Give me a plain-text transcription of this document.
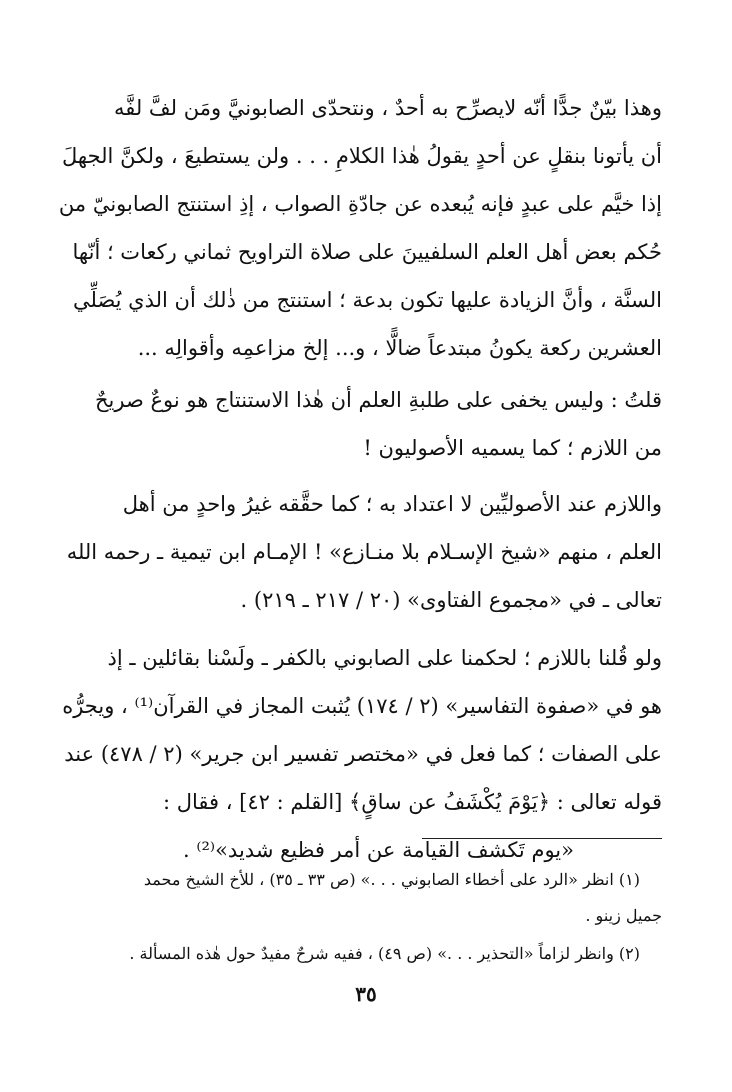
وهذا بيّنٌ جدًّا أنّه لايصرِّح به أحدٌ ، ونتحدّى الصابونيَّ ومَن لفَّ لفَّه
أن يأتونا بنقلٍ عن أحدٍ يقولُ هٰذا الكلامِ . . . ولن يستطيعَ ، ولكنَّ الجهلَ
إذا خيَّم على عبدٍ فإنه يُبعده عن جادّةِ الصواب ، إذِ استنتج الصابونيّ من
حُكم بعض أهل العلم السلفيينَ على صلاة التراويح ثماني ركعات ؛ أنّها
السنَّة ، وأنَّ الزيادة عليها تكون بدعة ؛ استنتج من ذٰلك أن الذي يُصَلِّي
العشرين ركعة يكونُ مبتدعاً ضالًّا ، و... إلخ مزاعمِه وأقوالِه ...

قلتُ : وليس يخفى على طلبةِ العلم أن هٰذا الاستنتاج هو نوعٌ صريحٌ
من اللازم ؛ كما يسميه الأصوليون !

واللازم عند الأصوليِّين لا اعتداد به ؛ كما حقَّقه غيرُ واحدٍ من أهل
العلم ، منهم «شيخ الإسـلام بلا منـازع» ! الإمـام ابن تيمية ـ رحمه الله
تعالى ـ في «مجموع الفتاوى» (٢٠ / ٢١٧ ـ ٢١٩) .

ولو قُلنا باللازم ؛ لحكمنا على الصابوني بالكفر ـ ولَسْنا بقائلين ـ إذ
هو في «صفوة التفاسير» (٢ / ١٧٤) يُثبت المجاز في القرآن⁽¹⁾ ، ويجرُّه
على الصفات ؛ كما فعل في «مختصر تفسير ابن جرير» (٢ / ٤٧٨) عند
قوله تعالى : ﴿يَوْمَ يُكْشَفُ عن ساقٍ﴾ [القلم : ٤٢] ، فقال :
«يوم تَكشف القيامة عن أمر فظيع شديد»⁽²⁾ .

(١) انظر «الرد على أخطاء الصابوني . . .» (ص ٣٣ ـ ٣٥) ، للأخ الشيخ محمد
جميل زينو .

(٢) وانظر لزاماً «التحذير . . .» (ص ٤٩) ، ففيه شرحٌ مفيدٌ حول هٰذه المسألة .

٣٥
